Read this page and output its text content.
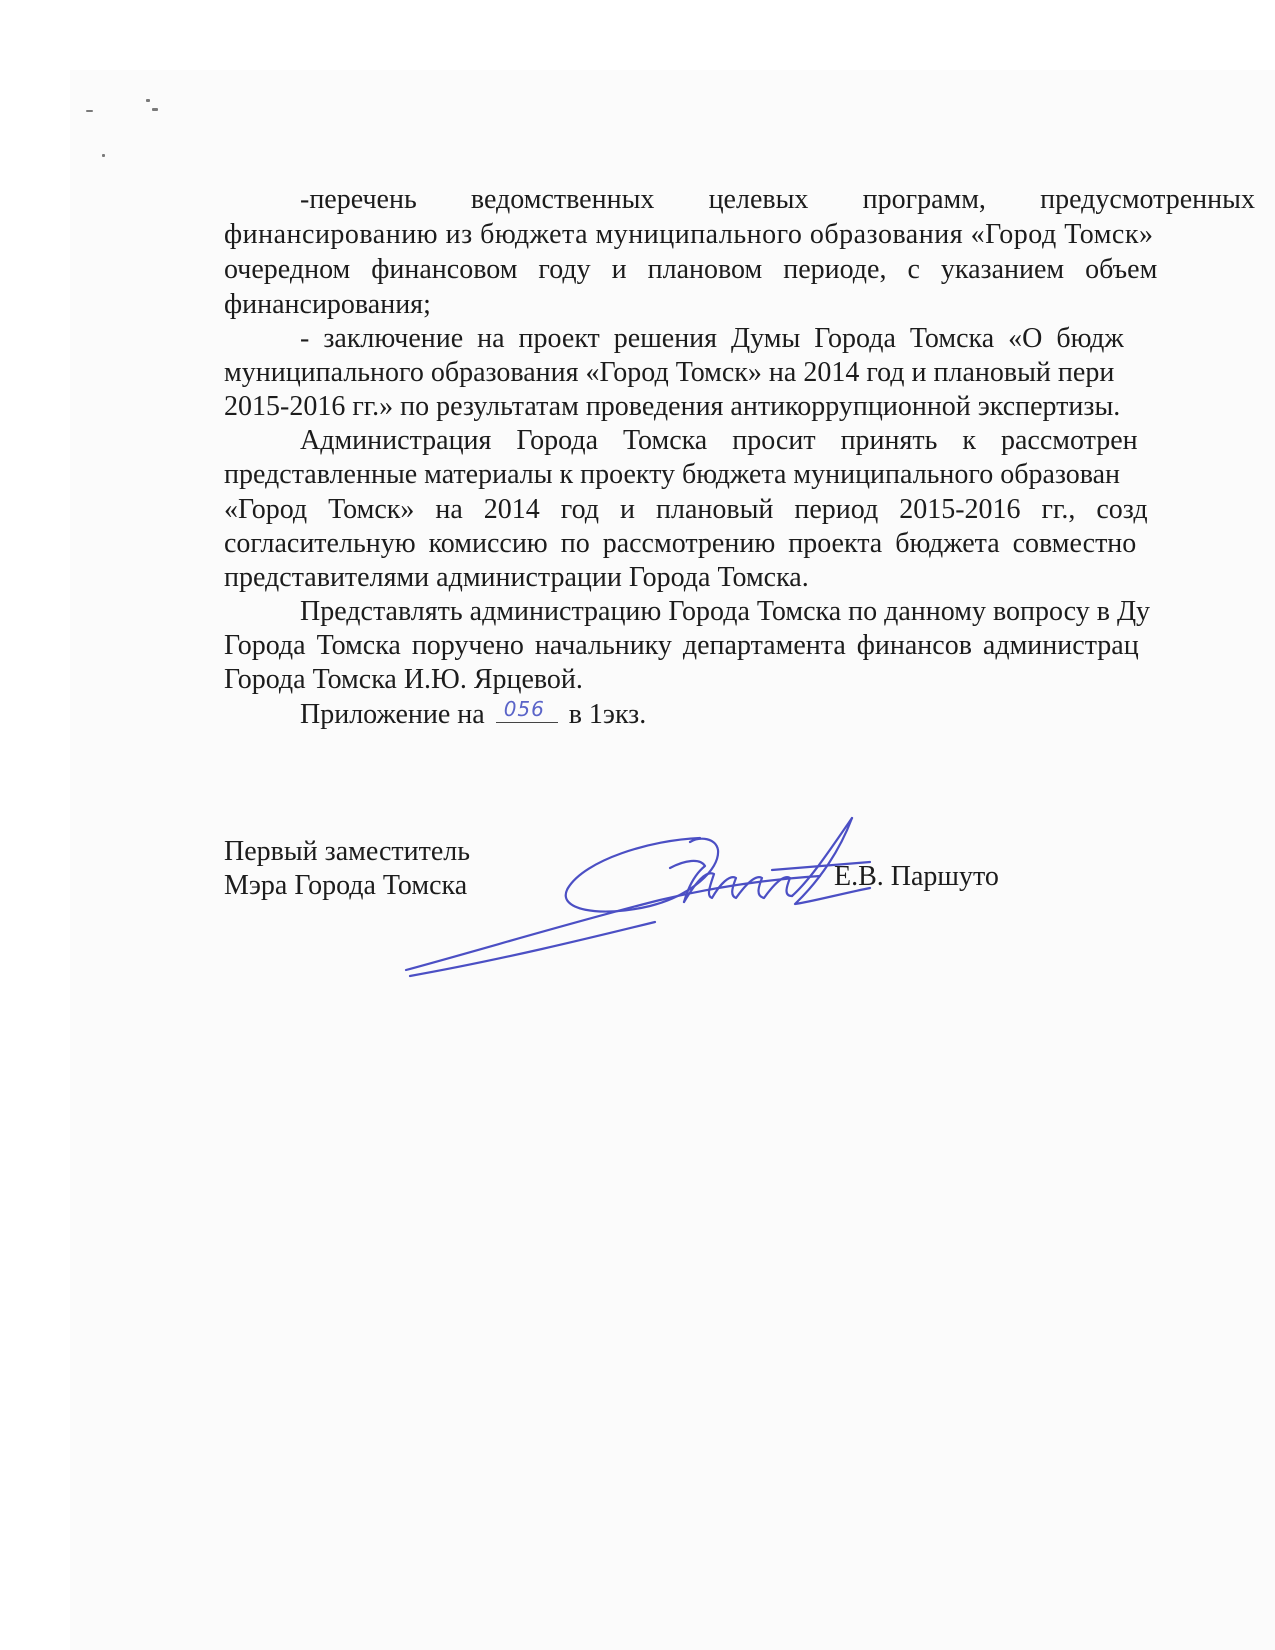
-перечень ведомственных целевых программ, предусмотренных
финансированию из бюджета муниципального образования «Город Томск»
очередном финансовом году и плановом периоде, с указанием объем
финансирования;
- заключение на проект решения Думы Города Томска «О бюдж
муниципального образования «Город Томск» на 2014 год и плановый пери
2015-2016 гг.» по результатам проведения антикоррупционной экспертизы.
Администрация Города Томска просит принять к рассмотрен
представленные материалы к проекту бюджета муниципального образован
«Город Томск» на 2014 год и плановый период 2015-2016 гг., созд
согласительную комиссию по рассмотрению проекта бюджета совместно
представителями администрации Города Томска.
Представлять администрацию Города Томска по данному вопросу в Ду
Города Томска поручено начальнику департамента финансов администрац
Города Томска И.Ю. Ярцевой.
Приложение на 056 в 1экз.
Первый заместитель
Мэра Города Томска	Е.В. Паршуто
